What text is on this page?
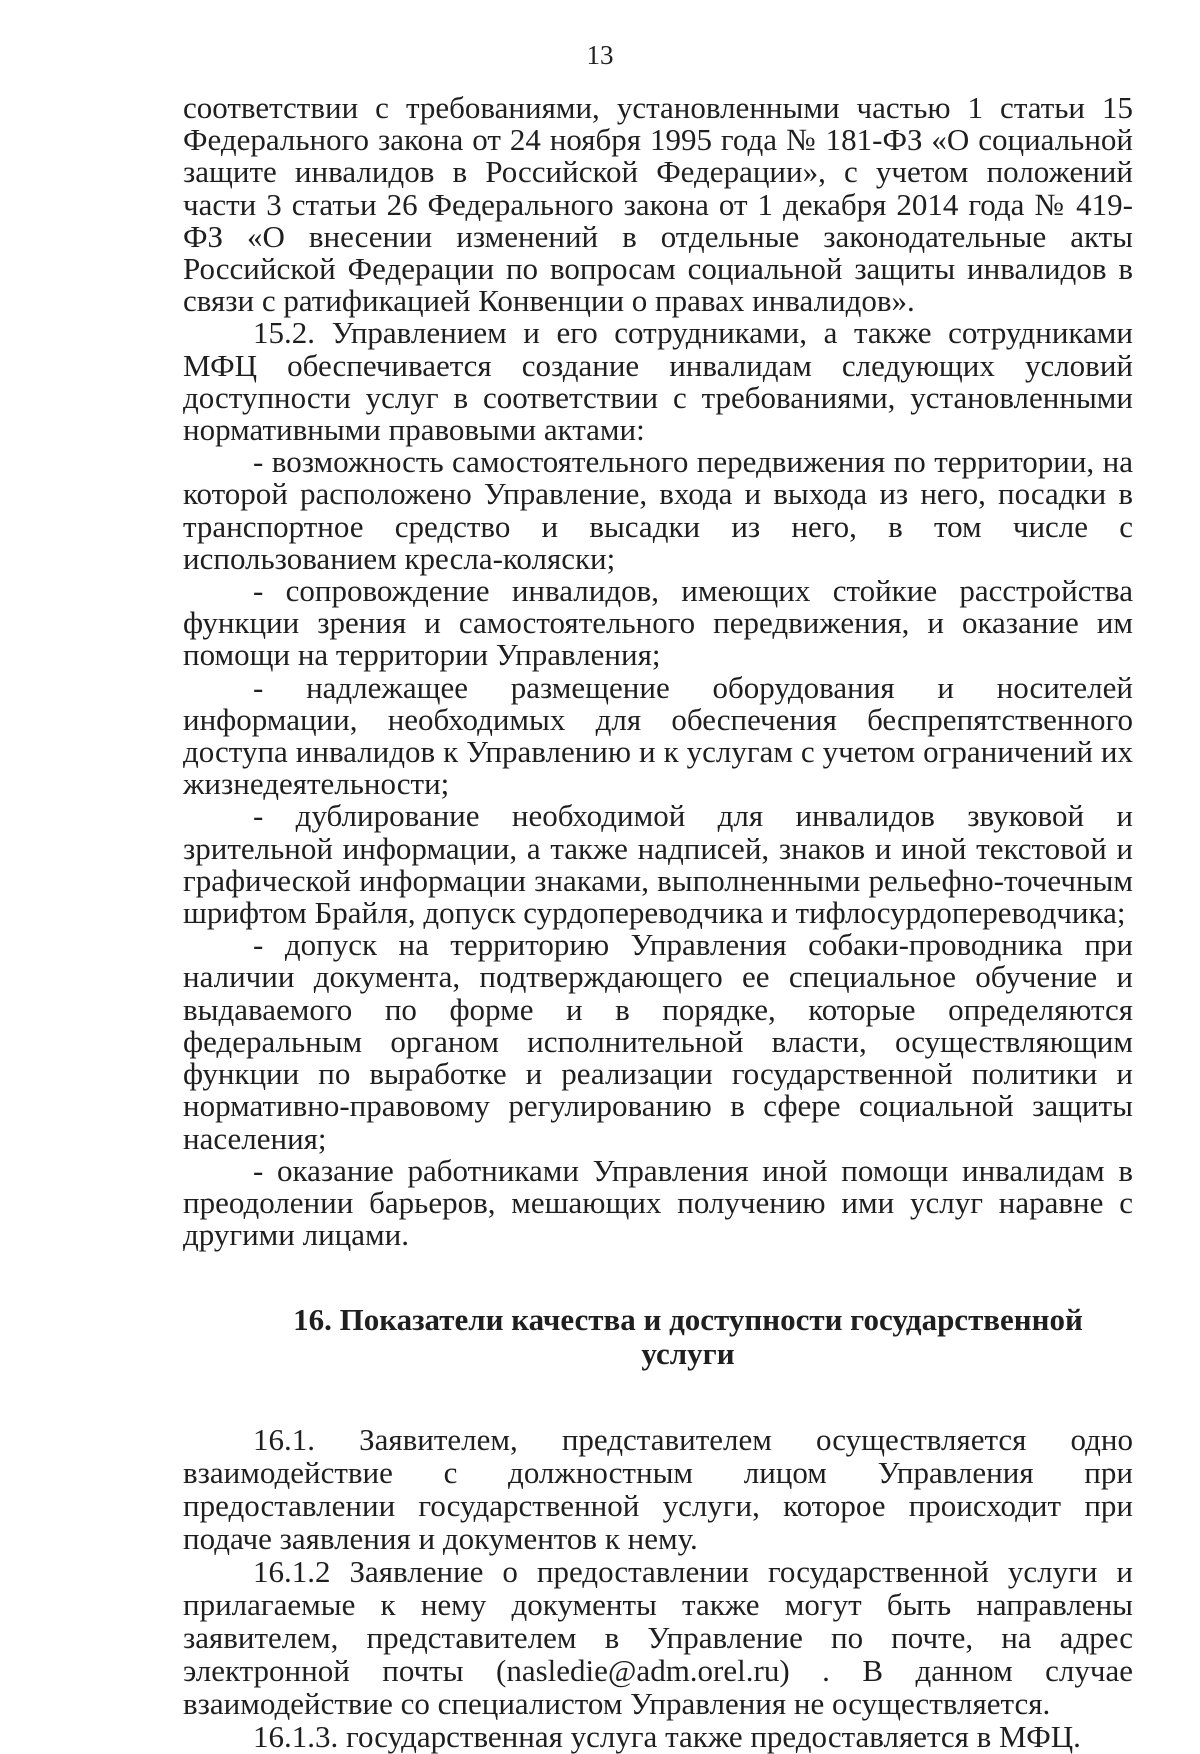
13

соответствии с требованиями, установленными частью 1 статьи 15 Федерального закона от 24 ноября 1995 года № 181-ФЗ «О социальной защите инвалидов в Российской Федерации», с учетом положений части 3 статьи 26 Федерального закона от 1 декабря 2014 года № 419-ФЗ «О внесении изменений в отдельные законодательные акты Российской Федерации по вопросам социальной защиты инвалидов в связи с ратификацией Конвенции о правах инвалидов».

15.2. Управлением и его сотрудниками, а также сотрудниками МФЦ обеспечивается создание инвалидам следующих условий доступности услуг в соответствии с требованиями, установленными нормативными правовыми актами:

- возможность самостоятельного передвижения по территории, на которой расположено Управление, входа и выхода из него, посадки в транспортное средство и высадки из него, в том числе с использованием кресла-коляски;

- сопровождение инвалидов, имеющих стойкие расстройства функции зрения и самостоятельного передвижения, и оказание им помощи на территории Управления;

- надлежащее размещение оборудования и носителей информации, необходимых для обеспечения беспрепятственного доступа инвалидов к Управлению и к услугам с учетом ограничений их жизнедеятельности;

- дублирование необходимой для инвалидов звуковой и зрительной информации, а также надписей, знаков и иной текстовой и графической информации знаками, выполненными рельефно-точечным шрифтом Брайля, допуск сурдопереводчика и тифлосурдопереводчика;

- допуск на территорию Управления собаки-проводника при наличии документа, подтверждающего ее специальное обучение и выдаваемого по форме и в порядке, которые определяются федеральным органом исполнительной власти, осуществляющим функции по выработке и реализации государственной политики и нормативно-правовому регулированию в сфере социальной защиты населения;

- оказание работниками Управления иной помощи инвалидам в преодолении барьеров, мешающих получению ими услуг наравне с другими лицами.

16. Показатели качества и доступности государственной услуги

16.1. Заявителем, представителем осуществляется одно взаимодействие с должностным лицом Управления при предоставлении государственной услуги, которое происходит при подаче заявления и документов к нему.

16.1.2 Заявление о предоставлении государственной услуги и прилагаемые к нему документы также могут быть направлены заявителем, представителем в Управление по почте, на адрес электронной почты (nasledie@adm.orel.ru) . В данном случае взаимодействие со специалистом Управления не осуществляется.

16.1.3. государственная услуга также предоставляется в МФЦ.
